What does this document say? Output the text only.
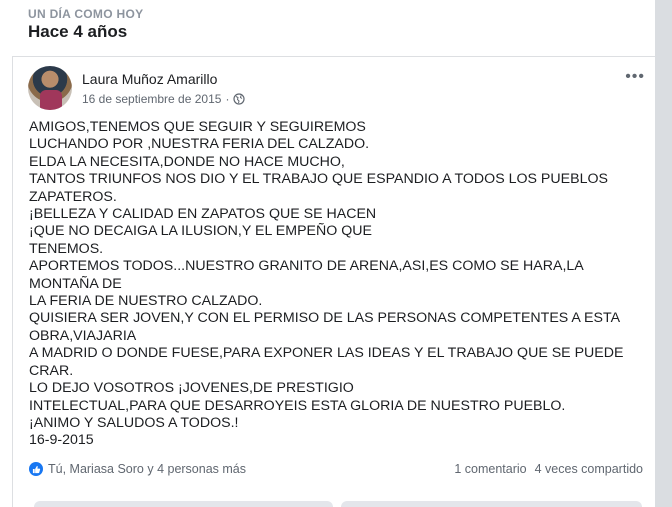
UN DÍA COMO HOY
Hace 4 años
Laura Muñoz Amarillo
16 de septiembre de 2015 ·
•••
AMIGOS,TENEMOS QUE SEGUIR Y SEGUIREMOS
LUCHANDO POR ,NUESTRA FERIA DEL CALZADO.
ELDA LA NECESITA,DONDE NO HACE MUCHO,
TANTOS TRIUNFOS NOS DIO Y EL TRABAJO QUE ESPANDIO A TODOS LOS PUEBLOS ZAPATEROS.
¡BELLEZA Y CALIDAD EN ZAPATOS QUE SE HACEN
¡QUE NO DECAIGA LA ILUSION,Y EL EMPEÑO QUE
TENEMOS.
APORTEMOS TODOS...NUESTRO GRANITO DE ARENA,ASI,ES COMO SE HARA,LA MONTAÑA DE
LA FERIA DE NUESTRO CALZADO.
QUISIERA SER JOVEN,Y CON EL PERMISO DE LAS PERSONAS COMPETENTES A ESTA OBRA,VIAJARIA
A MADRID O DONDE FUESE,PARA EXPONER LAS IDEAS Y EL TRABAJO QUE SE PUEDE CRAR.
LO DEJO VOSOTROS ¡JOVENES,DE PRESTIGIO
INTELECTUAL,PARA QUE DESARROYEIS ESTA GLORIA DE NUESTRO PUEBLO.
¡ANIMO Y SALUDOS A TODOS.!
16-9-2015
Tú, Mariasa Soro y 4 personas más	1 comentario 4 veces compartido
